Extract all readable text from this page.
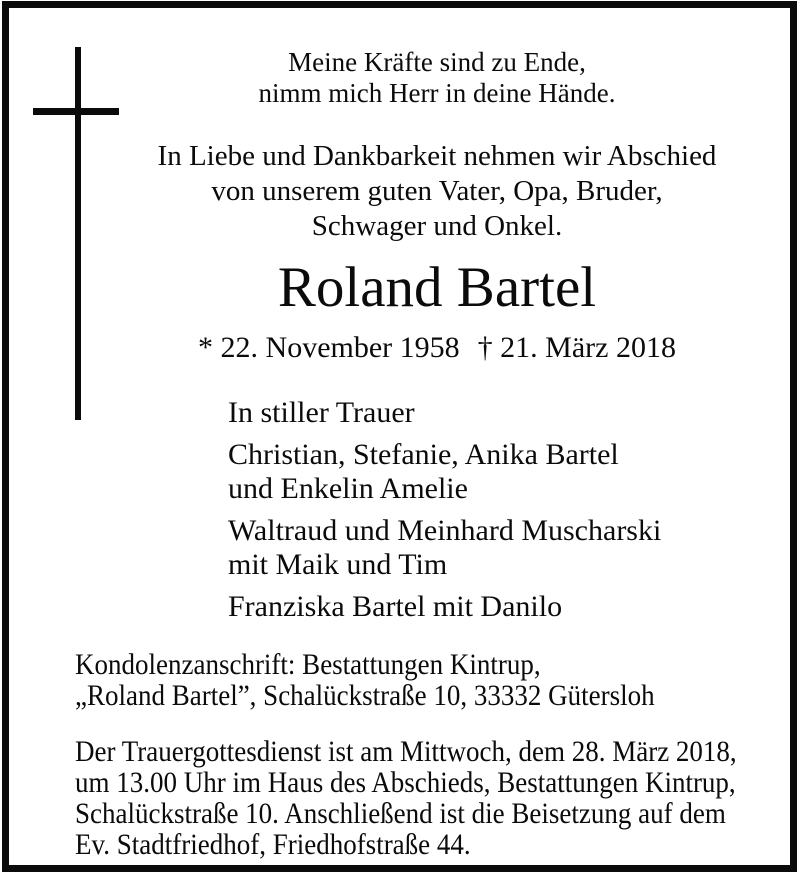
Meine Kräfte sind zu Ende,
nimm mich Herr in deine Hände.
In Liebe und Dankbarkeit nehmen wir Abschied
von unserem guten Vater, Opa, Bruder,
Schwager und Onkel.
Roland Bartel
* 22. November 1958 † 21. März 2018
In stiller Trauer
Christian, Stefanie, Anika Bartel
und Enkelin Amelie
Waltraud und Meinhard Muscharski
mit Maik und Tim
Franziska Bartel mit Danilo
Kondolenzanschrift: Bestattungen Kintrup,
„Roland Bartel”, Schalückstraße 10, 33332 Gütersloh
Der Trauergottesdienst ist am Mittwoch, dem 28. März 2018,
um 13.00 Uhr im Haus des Abschieds, Bestattungen Kintrup,
Schalückstraße 10. Anschließend ist die Beisetzung auf dem
Ev. Stadtfriedhof, Friedhofstraße 44.
